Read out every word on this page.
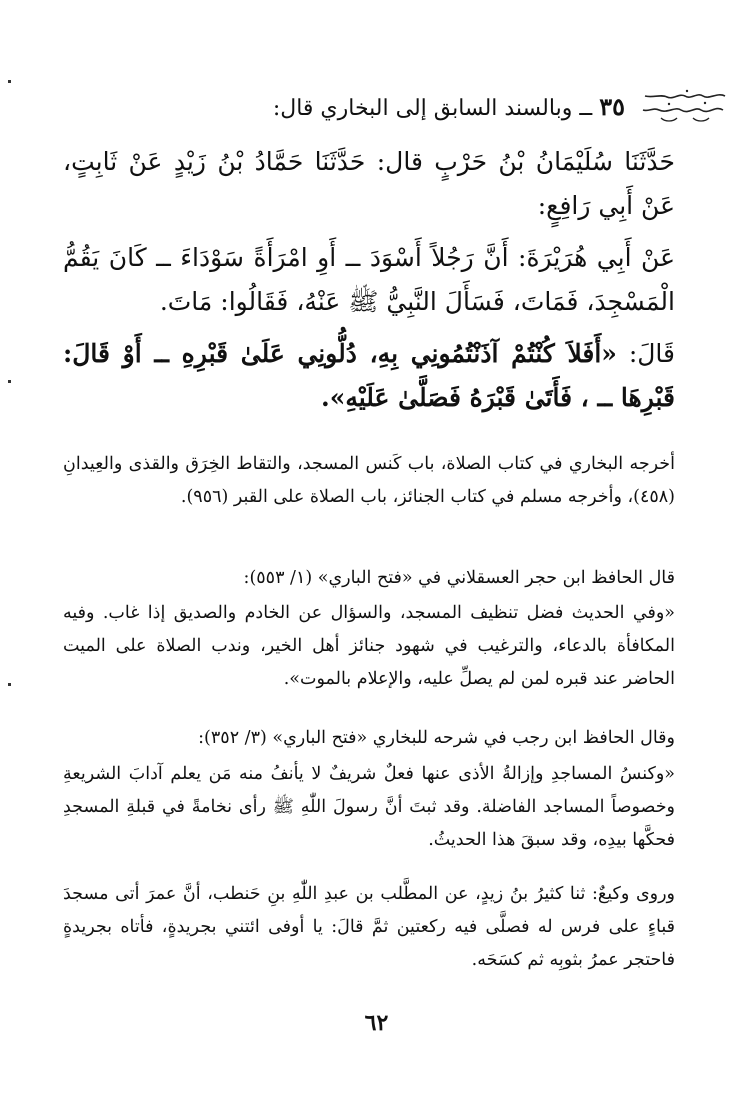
٣٥ ــ وبالسند السابق إلى البخاري قال:
حَدَّثَنَا سُلَيْمَانُ بْنُ حَرْبٍ قال: حَدَّثَنَا حَمَّادُ بْنُ زَيْدٍ عَنْ ثَابِتٍ، عَنْ أَبِي رَافِعٍ:
عَنْ أَبِي هُرَيْرَةَ: أَنَّ رَجُلاً أَسْوَدَ ــ أَوِ امْرَأَةً سَوْدَاءَ ــ كَانَ يَقُمُّ الْمَسْجِدَ، فَمَاتَ، فَسَأَلَ النَّبِيُّ ﷺ عَنْهُ، فَقَالُوا: مَاتَ.
قَالَ: «أَفَلاَ كُنْتُمْ آذَنْتُمُونِي بِهِ، دُلُّونِي عَلَىٰ قَبْرِهِ ــ أَوْ قَالَ: قَبْرِهَا ــ ، فَأَتَىٰ قَبْرَهُ فَصَلَّىٰ عَلَيْهِ».
أخرجه البخاري في كتاب الصلاة، باب كَنس المسجد، والتقاط الخِرَق والقذى والعِيدانِ (٤٥٨)، وأخرجه مسلم في كتاب الجنائز، باب الصلاة على القبر (٩٥٦).
قال الحافظ ابن حجر العسقلاني في «فتح الباري» (١/ ٥٥٣):
«وفي الحديث فضل تنظيف المسجد، والسؤال عن الخادم والصديق إذا غاب. وفيه المكافأة بالدعاء، والترغيب في شهود جنائز أهل الخير، وندب الصلاة على الميت الحاضر عند قبره لمن لم يصلِّ عليه، والإعلام بالموت».
وقال الحافظ ابن رجب في شرحه للبخاري «فتح الباري» (٣/ ٣٥٢):
«وكنسُ المساجدِ وإزالةُ الأذى عنها فعلٌ شريفٌ لا يأنفُ منه مَن يعلم آدابَ الشريعةِ وخصوصاً المساجد الفاضلة. وقد ثبتَ أنَّ رسولَ اللّٰهِ ﷺ رأى نخامةً في قبلةِ المسجدِ فحكَّها بيدِه، وقد سبقَ هذا الحديثُ.
وروى وكيعٌ: ثنا كثيرُ بنُ زيدٍ، عن المطَّلب بن عبدِ اللّٰهِ بنِ حَنطب، أنَّ عمرَ أتى مسجدَ قباءٍ على فرس له فصلَّى فيه ركعتين ثمَّ قالَ: يا أوفى ائتني بجريدةٍ، فأتاه بجريدةٍ فاحتجر عمرُ بثوبِه ثم كسَحَه.
٦٢
